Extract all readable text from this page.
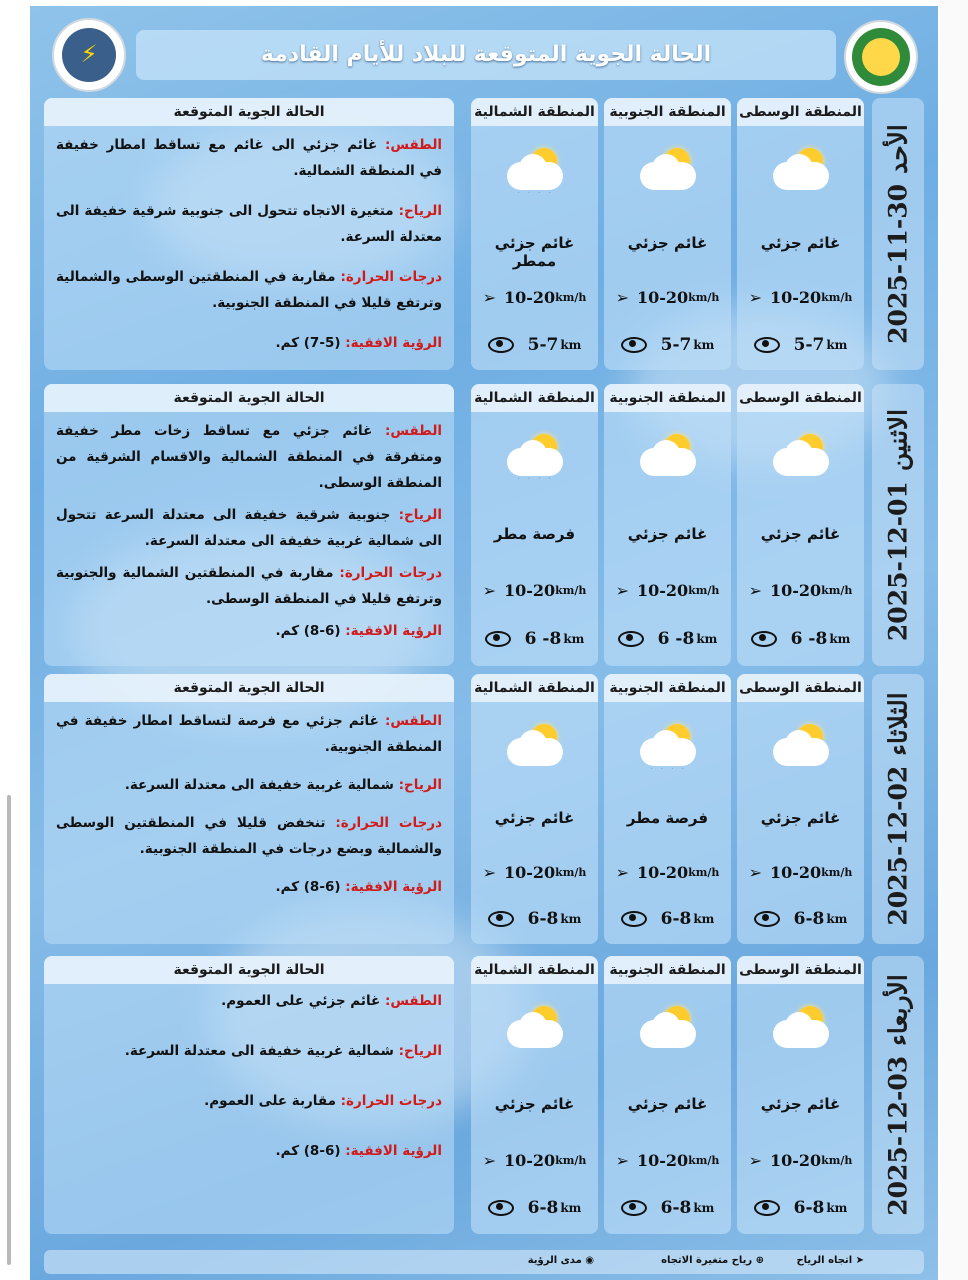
⚡	الحالة الجوية المتوقعة للبلاد للأيام القادمة
2025-11-30الأحد
المنطقة الوسطى
غائم جزئي
➢ 10-20 km/h
5-7 km
المنطقة الجنوبية
غائم جزئي
➢ 10-20 km/h
5-7 km
المنطقة الشمالية
· · · ·
غائم جزئي ممطر
➢ 10-20 km/h
5-7 km
الحالة الجوية المتوقعة

الطقس: غائم جزئي الى غائم مع تساقط امطار خفيفة في المنطقة الشمالية.

الرياح: متغيرة الاتجاه تتحول الى جنوبية شرقية خفيفة الى معتدلة السرعة.

درجات الحرارة: مقاربة في المنطقتين الوسطى والشمالية وترتفع قليلا في المنطقة الجنوبية.

الرؤية الافقية: (5-7) كم.

2025-12-01الاثنين
المنطقة الوسطى
غائم جزئي
➢ 10-20 km/h
6 -8 km
المنطقة الجنوبية
غائم جزئي
➢ 10-20 km/h
6 -8 km
المنطقة الشمالية
· · · ·
فرصة مطر
➢ 10-20 km/h
6 -8 km
الحالة الجوية المتوقعة

الطقس: غائم جزئي مع تساقط زخات مطر خفيفة ومتفرقة في المنطقة الشمالية والاقسام الشرقية من المنطقة الوسطى.

الرياح: جنوبية شرقية خفيفة الى معتدلة السرعة تتحول الى شمالية غربية خفيفة الى معتدلة السرعة.

درجات الحرارة: مقاربة في المنطقتين الشمالية والجنوبية وترتفع قليلا في المنطقة الوسطى.

الرؤية الافقية: (6-8) كم.

2025-12-02الثلاثاء
المنطقة الوسطى
غائم جزئي
➢ 10-20 km/h
6-8 km
المنطقة الجنوبية
· · · ·
فرصة مطر
➢ 10-20 km/h
6-8 km
المنطقة الشمالية
غائم جزئي
➢ 10-20 km/h
6-8 km
الحالة الجوية المتوقعة

الطقس: غائم جزئي مع فرصة لتساقط امطار خفيفة في المنطقة الجنوبية.

الرياح: شمالية غربية خفيفة الى معتدلة السرعة.

درجات الحرارة: تنخفض قليلا في المنطقتين الوسطى والشمالية وبضع درجات في المنطقة الجنوبية.

الرؤية الافقية: (6-8) كم.

2025-12-03الأربعاء
المنطقة الوسطى
غائم جزئي
➢ 10-20 km/h
6-8 km
المنطقة الجنوبية
غائم جزئي
➢ 10-20 km/h
6-8 km
المنطقة الشمالية
غائم جزئي
➢ 10-20 km/h
6-8 km
الحالة الجوية المتوقعة

الطقس: غائم جزئي على العموم.

الرياح: شمالية غربية خفيفة الى معتدلة السرعة.

درجات الحرارة: مقاربة على العموم.

الرؤية الافقية: (6-8) كم.

➤ اتجاه الرياح
⊕ رياح متغيرة الاتجاه
◉ مدى الرؤية
